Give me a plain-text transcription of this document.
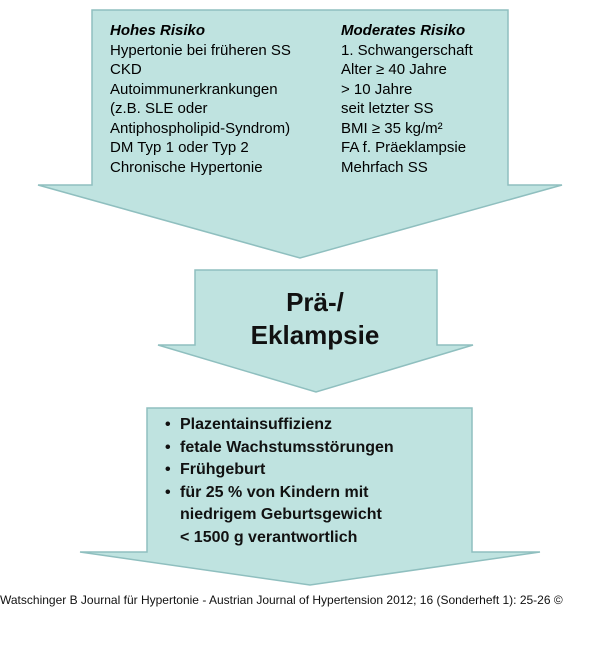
Hohes Risiko
Hypertonie bei früheren SS
CKD
Autoimmunerkrankungen
(z.B. SLE oder
Antiphospholipid-Syndrom)
DM Typ 1 oder Typ 2
Chronische Hypertonie
Moderates Risiko
1. Schwangerschaft
Alter ≥ 40 Jahre
> 10 Jahre
seit letzter SS
BMI ≥ 35 kg/m²
FA f. Präeklampsie
Mehrfach SS
Prä-/
Eklampsie
• Plazentainsuffizienz
• fetale Wachstumsstörungen
• Frühgeburt
• für 25 % von Kindern mit
niedrigem Geburtsgewicht
< 1500 g verantwortlich
Watschinger B Journal für Hypertonie - Austrian Journal of Hypertension 2012; 16 (Sonderheft 1): 25-26 ©
